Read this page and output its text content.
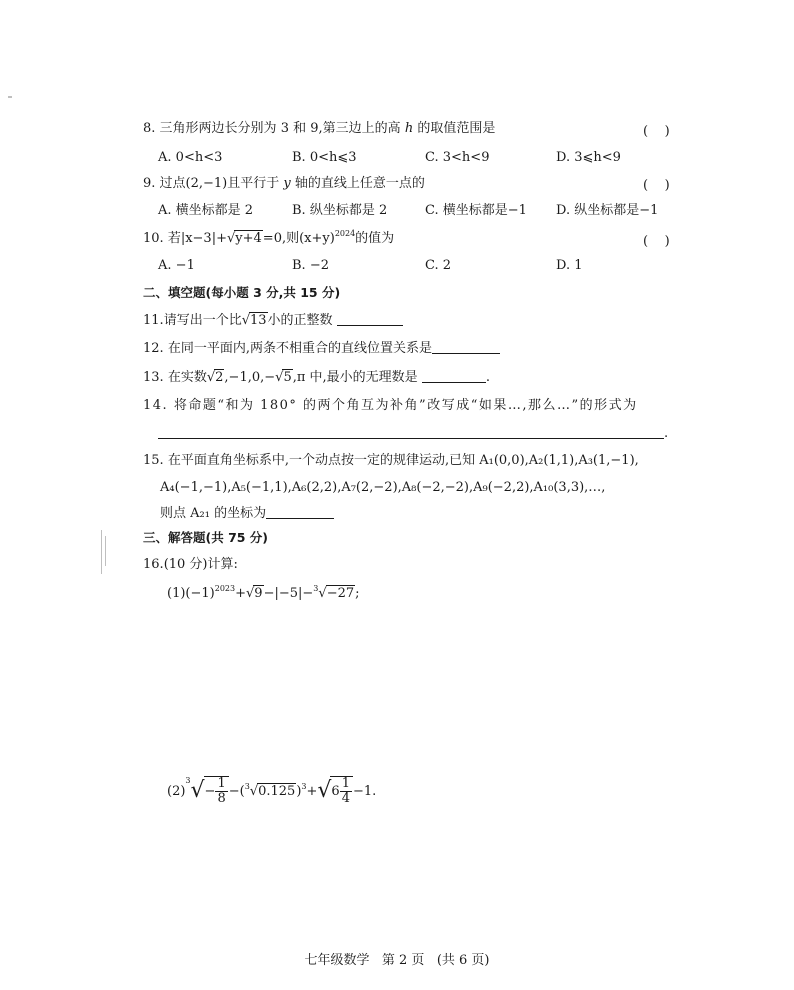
8. 三角形两边长分别为 3 和 9,第三边上的高 h 的取值范围是	(    )
A. 0<h<3	B. 0<h⩽3	C. 3<h<9	D. 3⩽h<9
9. 过点(2,−1)且平行于 y 轴的直线上任意一点的	(    )
A. 横坐标都是 2	B. 纵坐标都是 2	C. 横坐标都是−1 D. 纵坐标都是−1
10. 若|x−3|+√y+4=0,则$(x+y)^{2024}$的值为	(    )
A. −1	B. −2	C. 2	D. 1
二、填空题(每小题 3 分,共 15 分)
11.请写出一个比√13小的正整数
12. 在同一平面内,两条不相重合的直线位置关系是
13. 在实数√2,−1,0,−√5,π 中,最小的无理数是	.
14. 将命题“和为 180° 的两个角互为补角”改写成“如果…,那么…”的形式为
.
15. 在平面直角坐标系中,一个动点按一定的规律运动,已知 A₁(0,0),A₂(1,1),A₃(1,−1),
A₄(−1,−1),A₅(−1,1),A₆(2,2),A₇(2,−2),A₈(−2,−2),A₉(−2,2),A₁₀(3,3),…,
则点 A₂₁ 的坐标为
三、解答题(共 75 分)
16.(10 分)计算:
$(1)(-1)^{2023}+√9-|-5|-^3√-27$;
$(2)^3√- \frac{1}{8} -(^3√0.125)^3+√6 \frac{1}{4} -1$.
七年级数学   第 2 页   (共 6 页)
